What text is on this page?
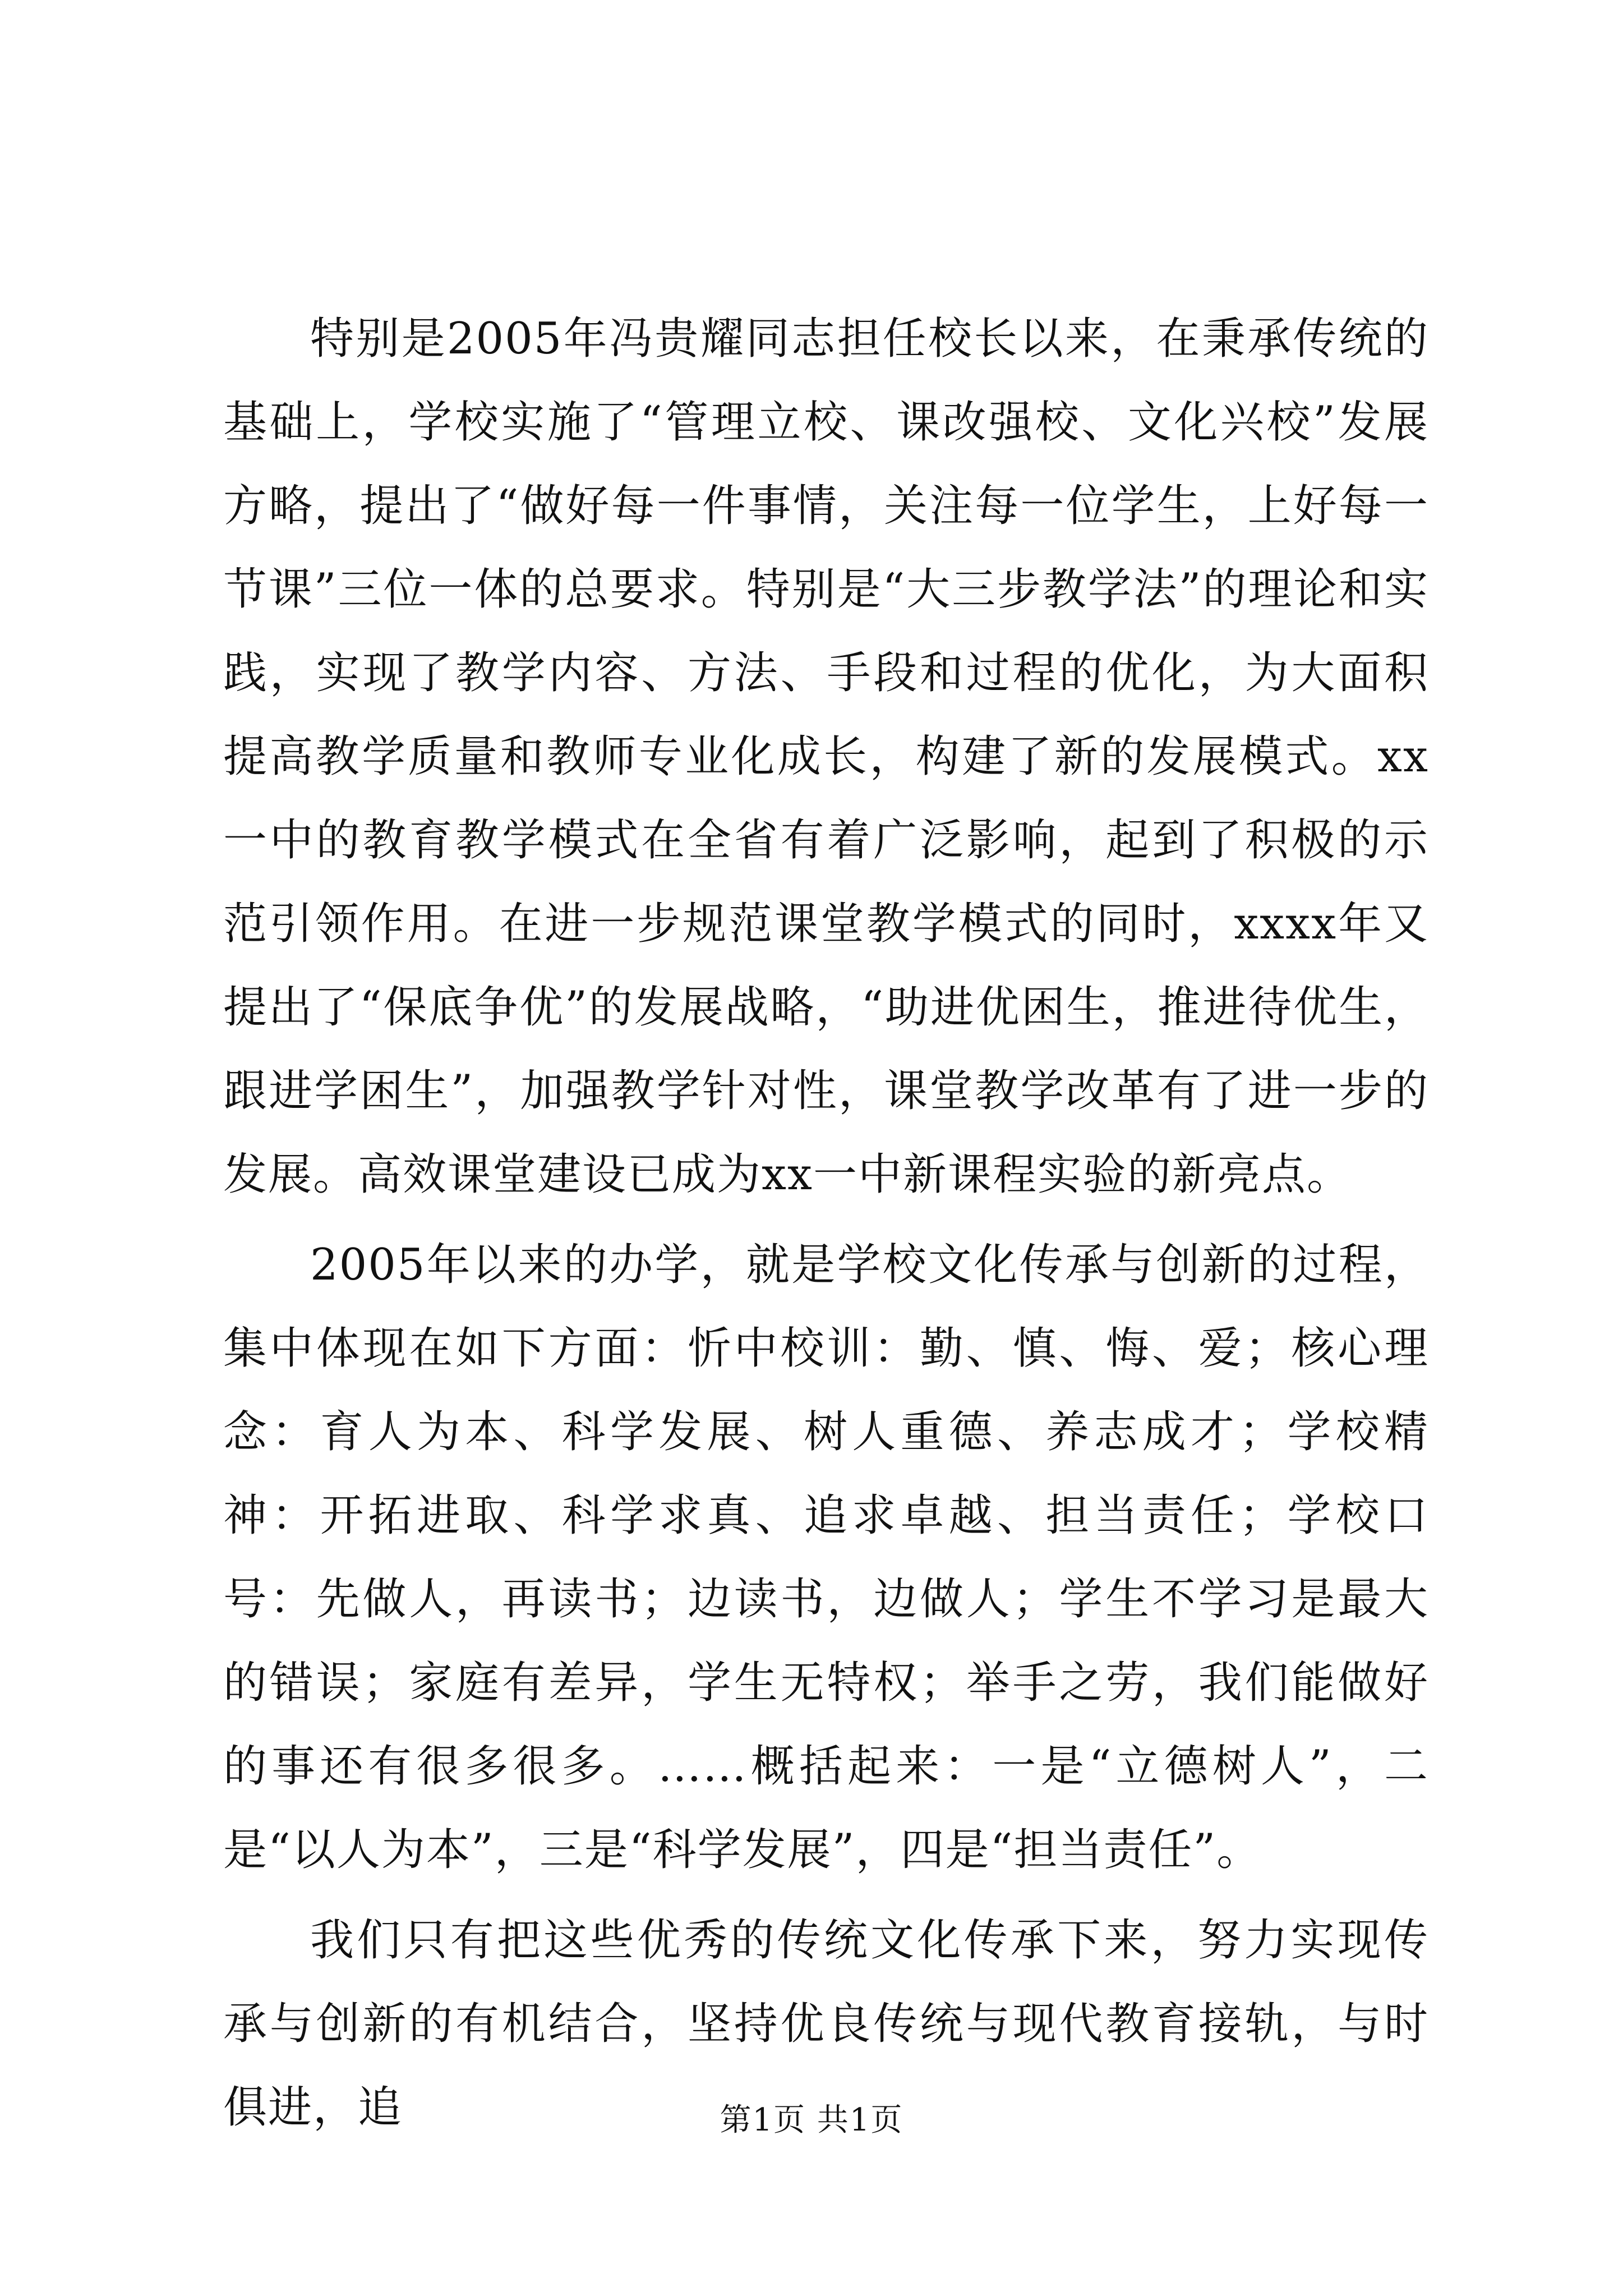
特别是2005年冯贵耀同志担任校长以来，在秉承传统的基础上，学校实施了“管理立校、课改强校、文化兴校”发展方略，提出了“做好每一件事情，关注每一位学生，上好每一节课”三位一体的总要求。特别是“大三步教学法”的理论和实践，实现了教学内容、方法、手段和过程的优化，为大面积提高教学质量和教师专业化成长，构建了新的发展模式。xx一中的教育教学模式在全省有着广泛影响，起到了积极的示范引领作用。在进一步规范课堂教学模式的同时，xxxx年又提出了“保底争优”的发展战略，“助进优困生，推进待优生，跟进学困生”，加强教学针对性，课堂教学改革有了进一步的发展。高效课堂建设已成为xx一中新课程实验的新亮点。

2005年以来的办学，就是学校文化传承与创新的过程，集中体现在如下方面：忻中校训：勤、慎、悔、爱；核心理念：育人为本、科学发展、树人重德、养志成才；学校精神：开拓进取、科学求真、追求卓越、担当责任；学校口号：先做人，再读书；边读书，边做人；学生不学习是最大的错误；家庭有差异，学生无特权；举手之劳，我们能做好的事还有很多很多。……概括起来：一是“立德树人”，二是“以人为本”，三是“科学发展”，四是“担当责任”。

我们只有把这些优秀的传统文化传承下来，努力实现传承与创新的有机结合，坚持优良传统与现代教育接轨，与时俱进，追	第1页 共1页
